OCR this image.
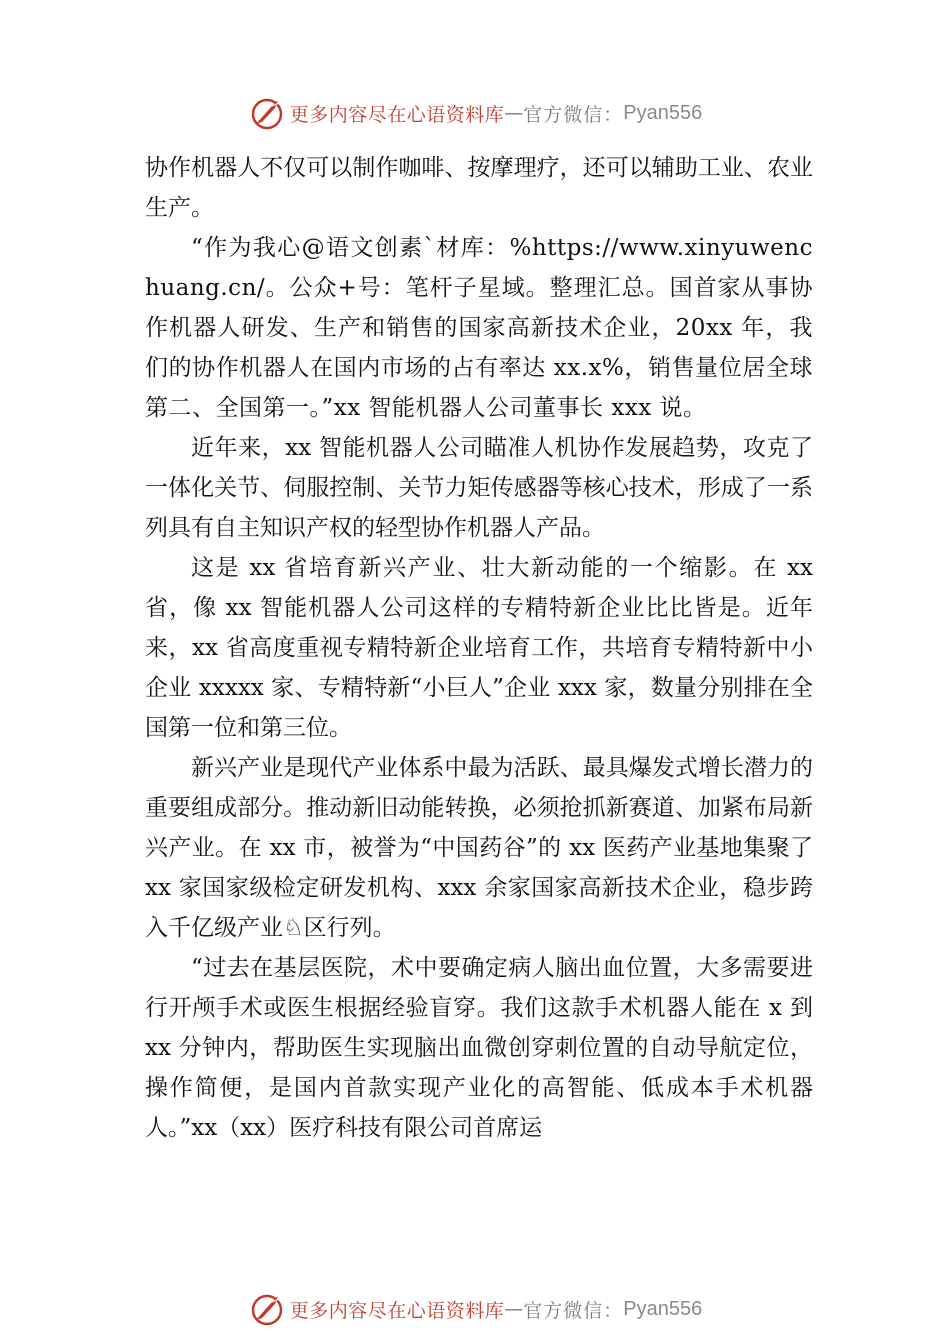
更多内容尽在心语资料库 — 官方微信： Pyan556

协作机器人不仅可以制作咖啡、按摩理疗，还可以辅助工业、农业生产。

“作为我心@语文创素`材库：%https://www.xinyuwenchuang.cn/。公众+号：笔杆子星域。整理汇总。国首家从事协作机器人研发、生产和销售的国家高新技术企业，20xx 年，我们的协作机器人在国内市场的占有率达 xx.x%，销售量位居全球第二、全国第一。”xx 智能机器人公司董事长 xxx 说。

近年来，xx 智能机器人公司瞄准人机协作发展趋势，攻克了一体化关节、伺服控制、关节力矩传感器等核心技术，形成了一系列具有自主知识产权的轻型协作机器人产品。

这是 xx 省培育新兴产业、壮大新动能的一个缩影。在 xx 省，像 xx 智能机器人公司这样的专精特新企业比比皆是。近年来，xx 省高度重视专精特新企业培育工作，共培育专精特新中小企业 xxxxx 家、专精特新“小巨人”企业 xxx 家，数量分别排在全国第一位和第三位。

新兴产业是现代产业体系中最为活跃、最具爆发式增长潜力的重要组成部分。推动新旧动能转换，必须抢抓新赛道、加紧布局新兴产业。在 xx 市，被誉为“中国药谷”的 xx 医药产业基地集聚了 xx 家国家级检定研发机构、xxx 余家国家高新技术企业，稳步跨入千亿级产业♘区行列。

“过去在基层医院，术中要确定病人脑出血位置，大多需要进行开颅手术或医生根据经验盲穿。我们这款手术机器人能在 x 到 xx 分钟内，帮助医生实现脑出血微创穿刺位置的自动导航定位，操作简便，是国内首款实现产业化的高智能、低成本手术机器人。”xx（xx）医疗科技有限公司首席运

更多内容尽在心语资料库 — 官方微信： Pyan556
